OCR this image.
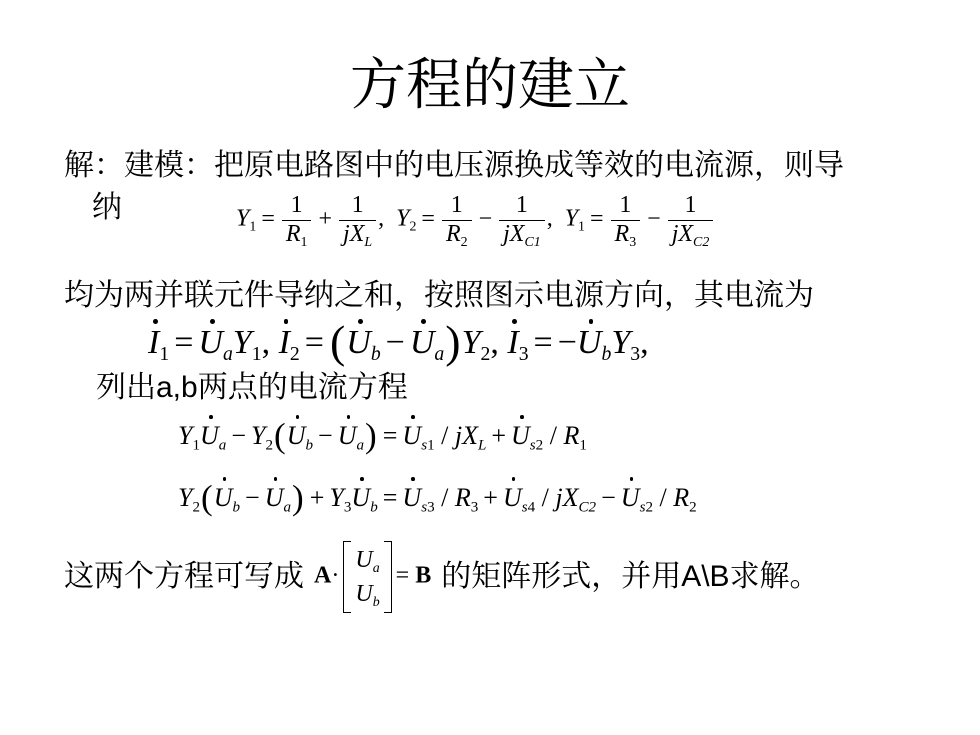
方程的建立
解：建模：把原电路图中的电压源换成等效的电流源，则导
纳	$Y_1 = \frac{1}{R_1} + \frac{1}{jX_L}$ ,  $Y_2 = \frac{1}{R_2} - \frac{1}{jX_{C1}}$ ,  $Y_1 = \frac{1}{R_3} - \frac{1}{jX_{C2}}$
均为两并联元件导纳之和，按照图示电源方向，其电流为
$I_1 = U_aY_1$, $I_2 = (U_b - U_a)Y_2$, $I_3 = -U_bY_3$,
列出a,b两点的电流方程
$Y_1U_a - Y_2(U_b - U_a) = U_{s1} / jX_L + U_{s2} / R_1$
$Y_2(U_b - U_a) + Y_3U_b = U_{s3} / R_3 + U_{s4} / jX_{C2} - U_{s2} / R_2$
这两个方程可写成 A·
$U_a$
$U_b$
= B 的矩阵形式，并用 A\B 求解。
